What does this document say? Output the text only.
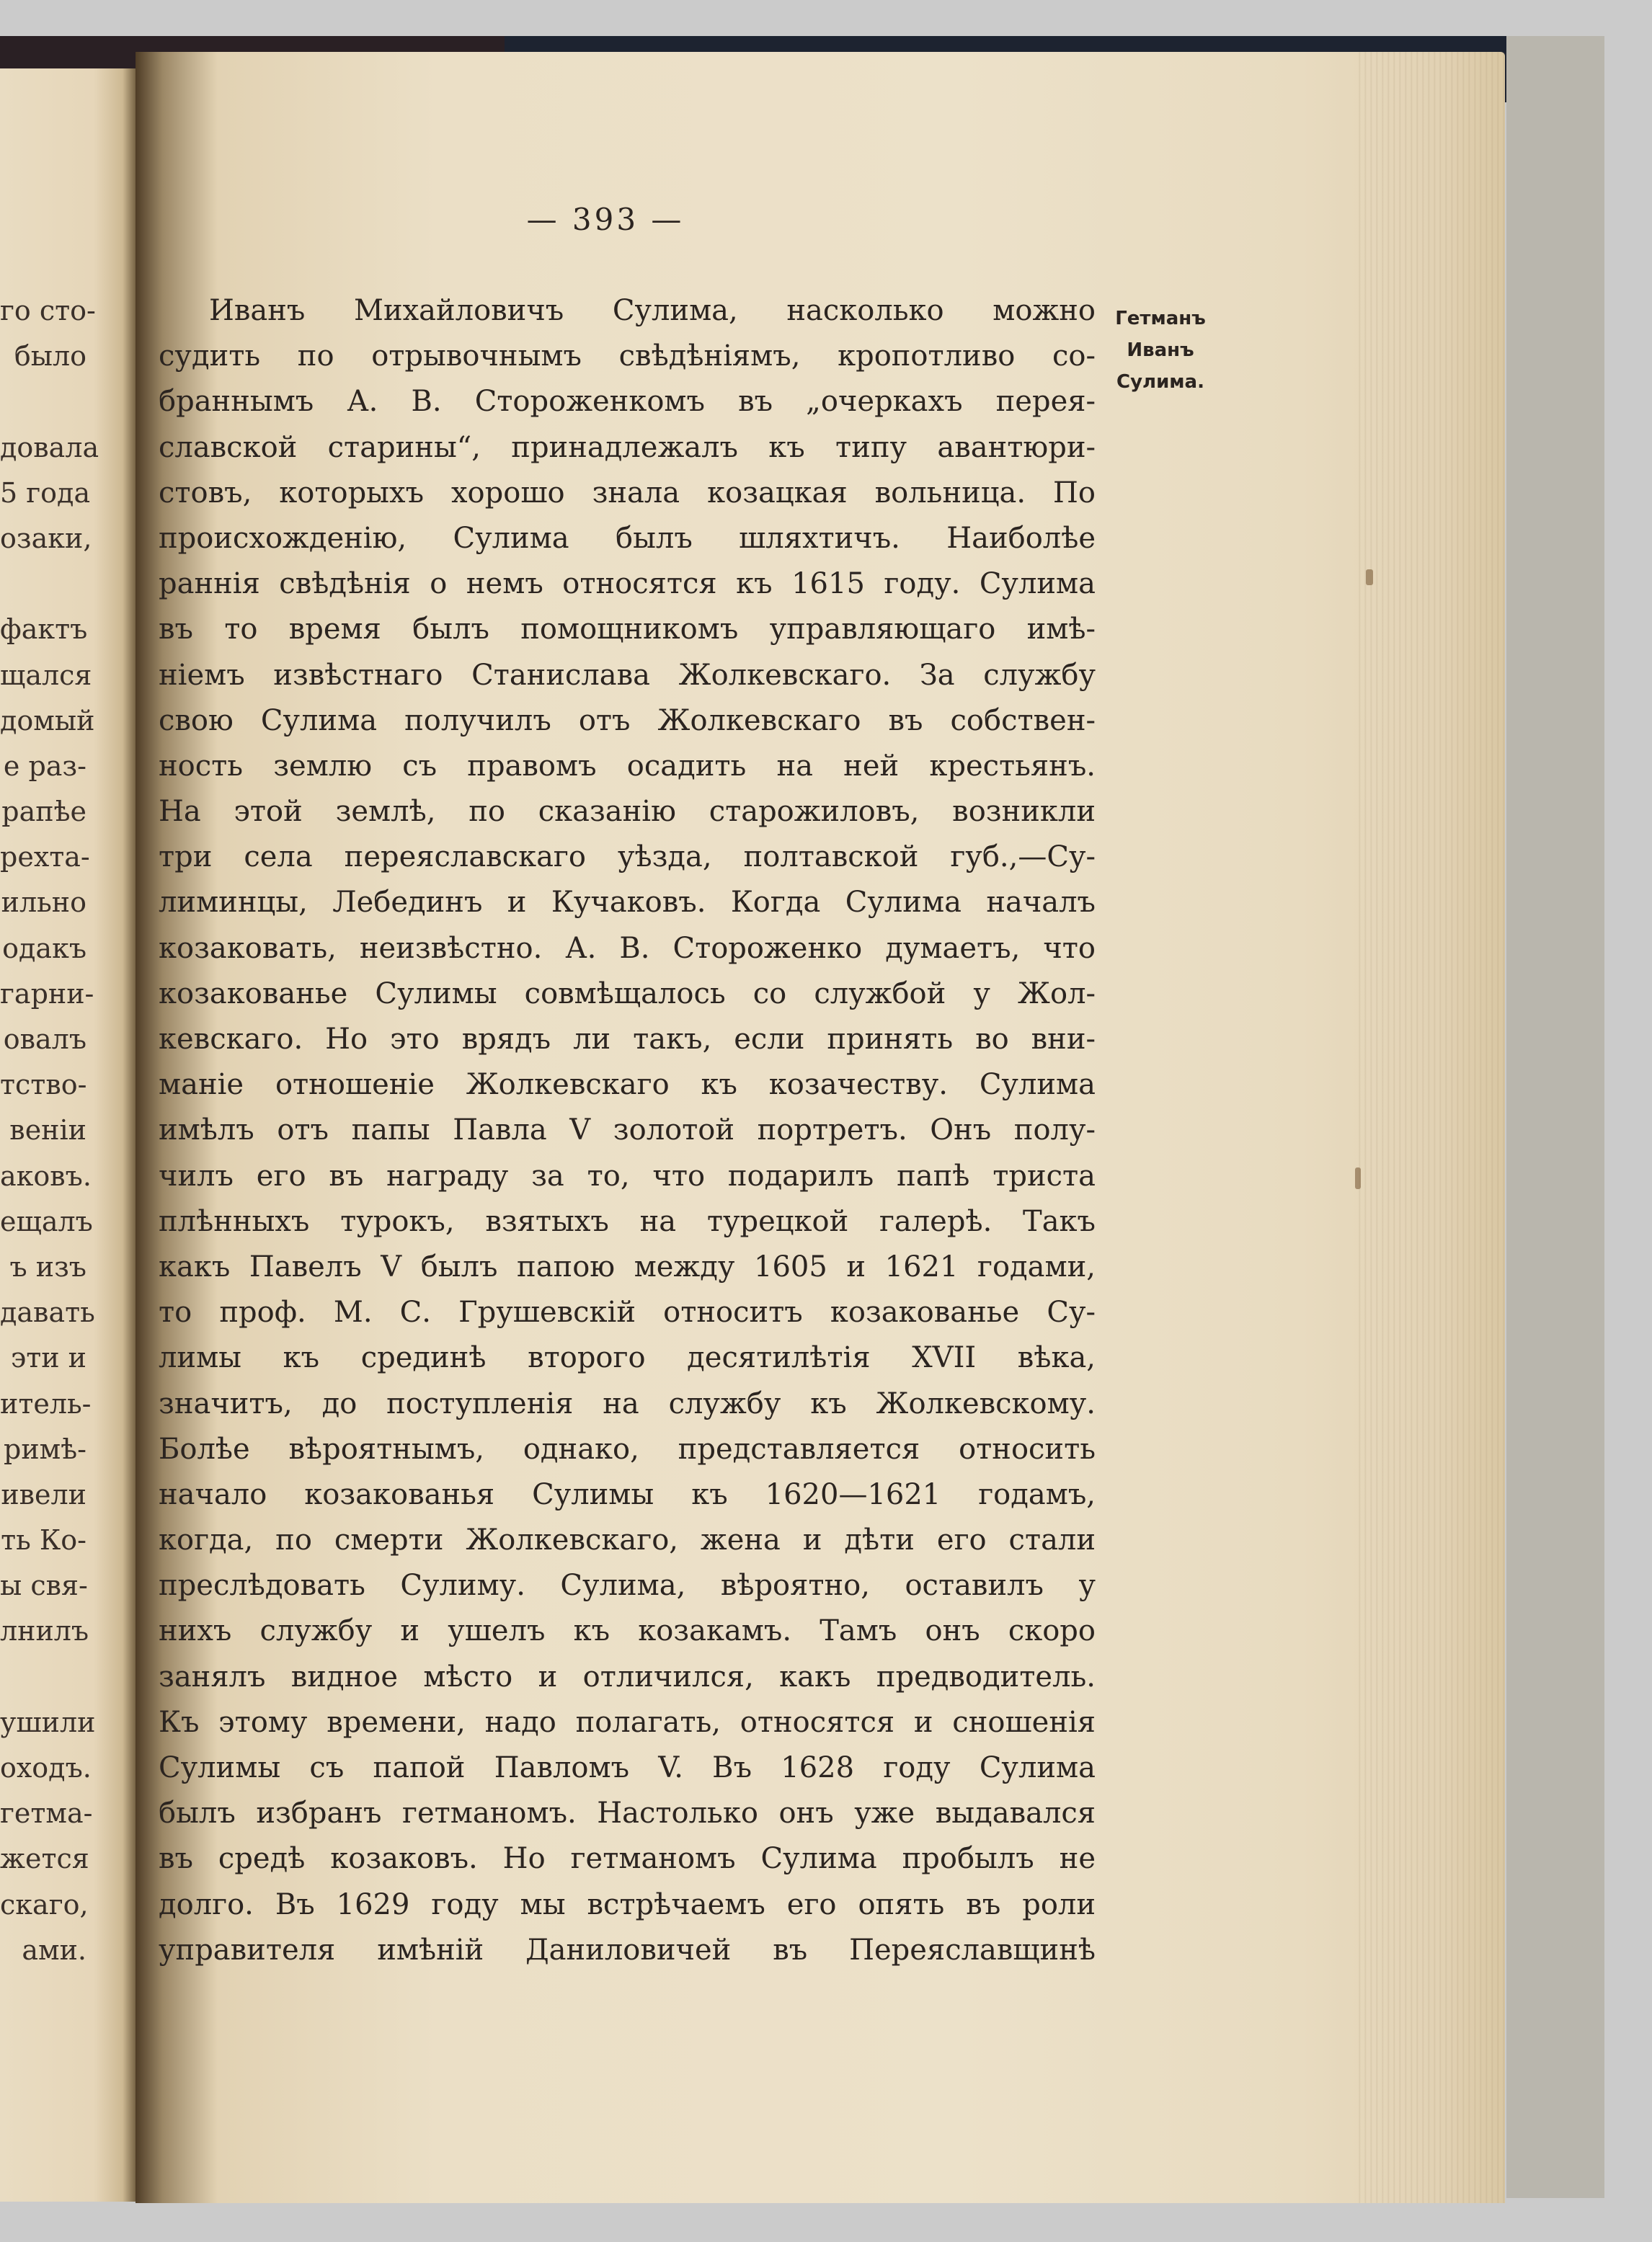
го сто-
было
довала
5 года
озаки,
фактъ
щался
домый
е раз-
рапѣе
рехта-
ильно
одакъ
гарни-
овалъ
тство-
веніи
аковъ.
ещалъ
ъ изъ
давать
эти и
итель-
римѣ-
ивели
ть Ко-
ы свя-
лнилъ
ушили
оходъ.
гетма-
жется
скаго,
ами.
— 393 —
Гетманъ
Иванъ
Сулима.
Иванъ Михайловичъ Сулима, насколько можно
судить по отрывочнымъ свѣдѣніямъ, кропотливо со-
браннымъ А. В. Стороженкомъ въ „очеркахъ перея-
славской старины“, принадлежалъ къ типу авантюри-
стовъ, которыхъ хорошо знала козацкая вольница. По
происхожденію, Сулима былъ шляхтичъ. Наиболѣе
раннія свѣдѣнія о немъ относятся къ 1615 году. Сулима
въ то время былъ помощникомъ управляющаго имѣ-
ніемъ извѣстнаго Станислава Жолкевскаго. За службу
свою Сулима получилъ отъ Жолкевскаго въ собствен-
ность землю съ правомъ осадить на ней крестьянъ.
На этой землѣ, по сказанію старожиловъ, возникли
три села переяславскаго уѣзда, полтавской губ.,—Су-
лиминцы, Лебединъ и Кучаковъ. Когда Сулима началъ
козаковать, неизвѣстно. А. В. Стороженко думаетъ, что
козакованье Сулимы совмѣщалось со службой у Жол-
кевскаго. Но это врядъ ли такъ, если принять во вни-
маніе отношеніе Жолкевскаго къ козачеству. Сулима
имѣлъ отъ папы Павла V золотой портретъ. Онъ полу-
чилъ его въ награду за то, что подарилъ папѣ триста
плѣнныхъ турокъ, взятыхъ на турецкой галерѣ. Такъ
какъ Павелъ V былъ папою между 1605 и 1621 годами,
то проф. М. С. Грушевскій относитъ козакованье Су-
лимы къ срединѣ второго десятилѣтія XVII вѣка,
значитъ, до поступленія на службу къ Жолкевскому.
Болѣе вѣроятнымъ, однако, представляется относить
начало козакованья Сулимы къ 1620—1621 годамъ,
когда, по смерти Жолкевскаго, жена и дѣти его стали
преслѣдовать Сулиму. Сулима, вѣроятно, оставилъ у
нихъ службу и ушелъ къ козакамъ. Тамъ онъ скоро
занялъ видное мѣсто и отличился, какъ предводитель.
Къ этому времени, надо полагать, относятся и сношенія
Сулимы съ папой Павломъ V. Въ 1628 году Сулима
былъ избранъ гетманомъ. Настолько онъ уже выдавался
въ средѣ козаковъ. Но гетманомъ Сулима пробылъ не
долго. Въ 1629 году мы встрѣчаемъ его опять въ роли
управителя имѣній Даниловичей въ Переяславщинѣ
